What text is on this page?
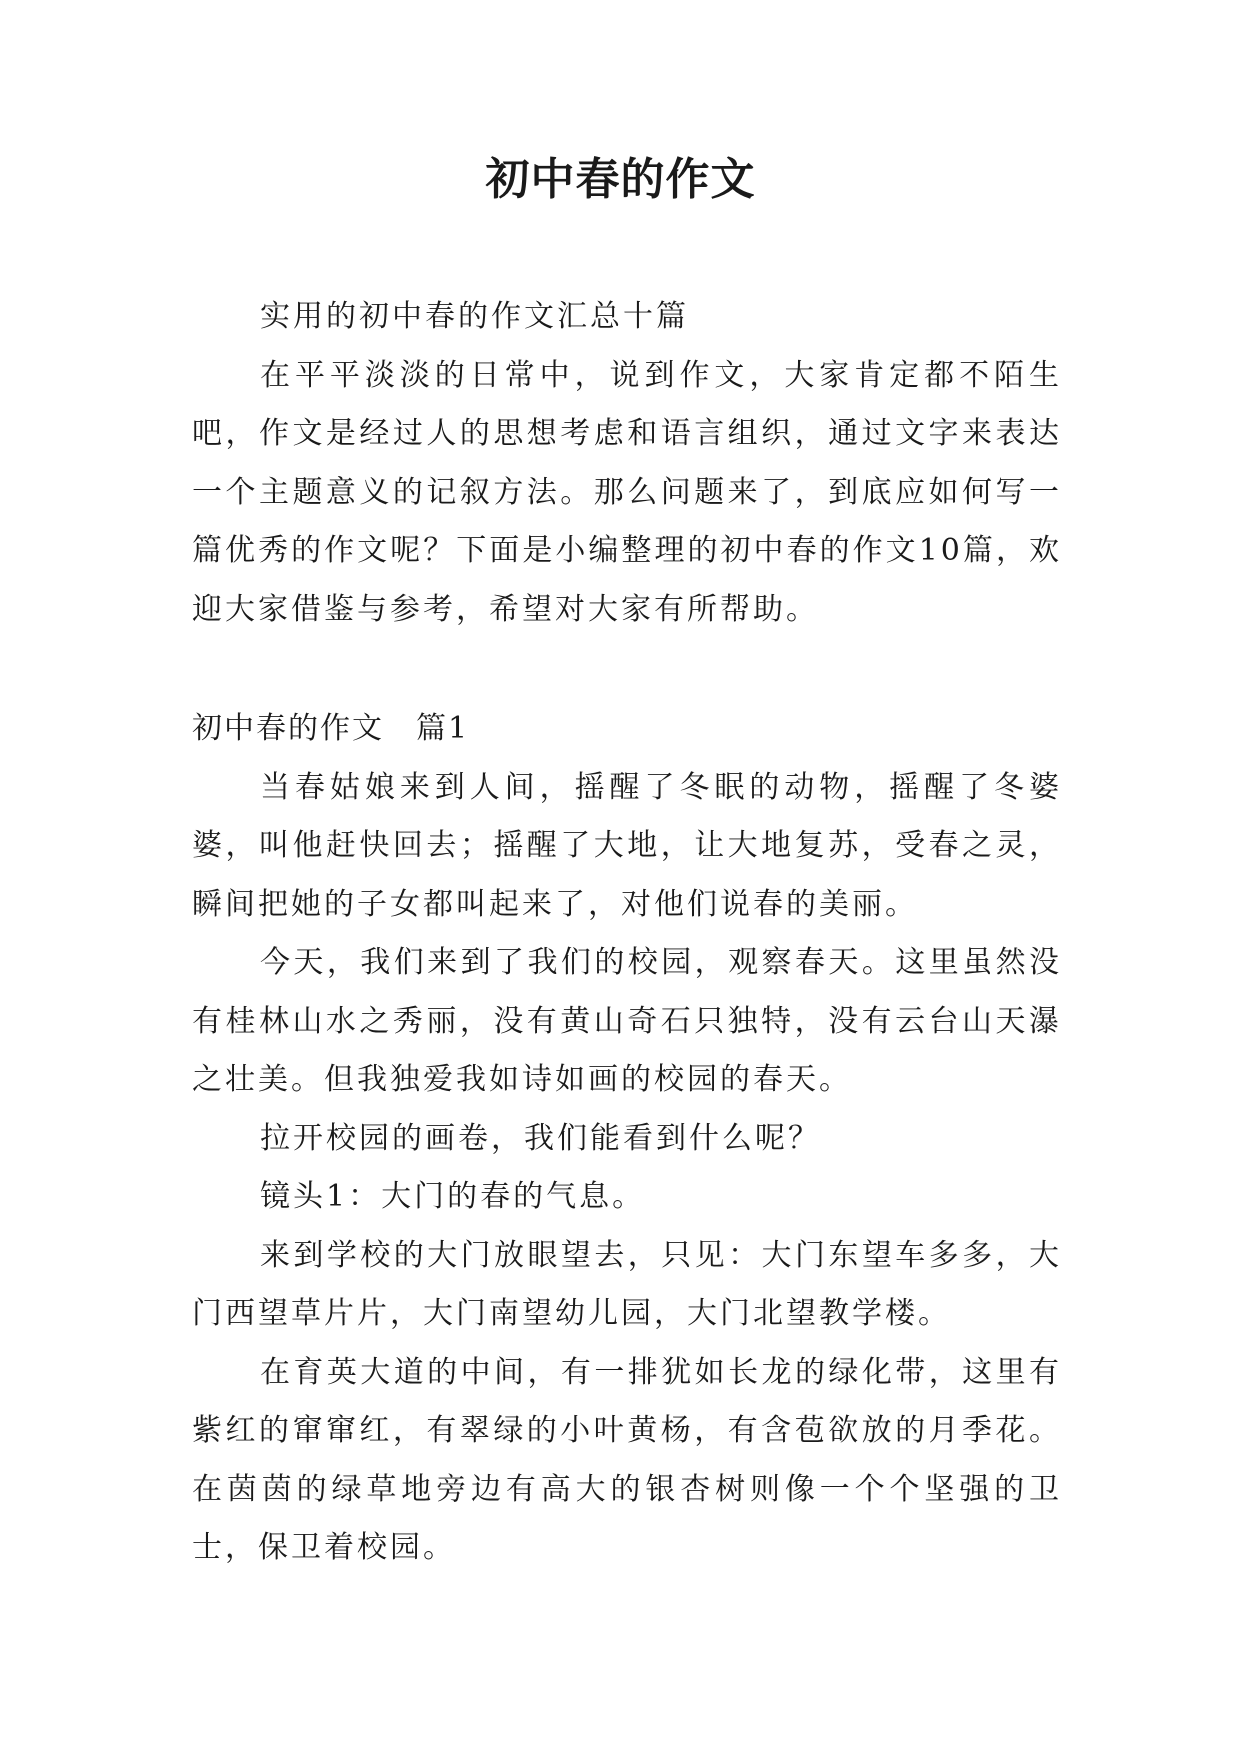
初中春的作文

实用的初中春的作文汇总十篇

在平平淡淡的日常中，说到作文，大家肯定都不陌生吧，作文是经过人的思想考虑和语言组织，通过文字来表达一个主题意义的记叙方法。那么问题来了，到底应如何写一篇优秀的作文呢？下面是小编整理的初中春的作文10篇，欢迎大家借鉴与参考，希望对大家有所帮助。

初中春的作文　篇1

当春姑娘来到人间，摇醒了冬眠的动物，摇醒了冬婆婆，叫他赶快回去；摇醒了大地，让大地复苏，受春之灵，瞬间把她的子女都叫起来了，对他们说春的美丽。

今天，我们来到了我们的校园，观察春天。这里虽然没有桂林山水之秀丽，没有黄山奇石只独特，没有云台山天瀑之壮美。但我独爱我如诗如画的校园的春天。

拉开校园的画卷，我们能看到什么呢？

镜头1：大门的春的气息。

来到学校的大门放眼望去，只见：大门东望车多多，大门西望草片片，大门南望幼儿园，大门北望教学楼。

在育英大道的中间，有一排犹如长龙的绿化带，这里有紫红的窜窜红，有翠绿的小叶黄杨，有含苞欲放的月季花。在茵茵的绿草地旁边有高大的银杏树则像一个个坚强的卫士，保卫着校园。
